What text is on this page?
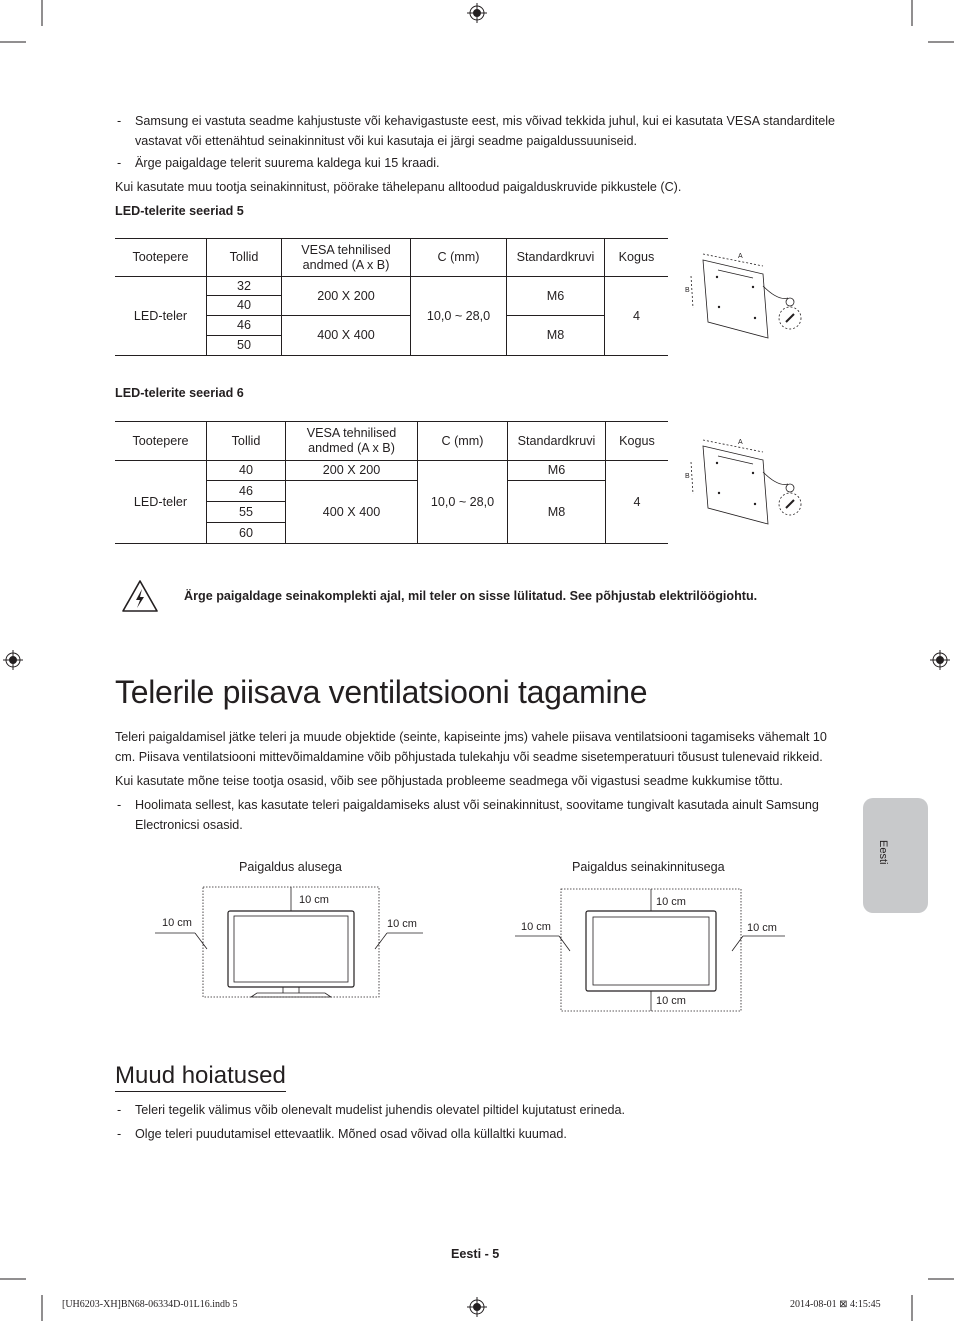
- Samsung ei vastuta seadme kahjustuste või kehavigastuste eest, mis võivad tekkida juhul, kui ei kasutata VESA standarditele vastavat või ettenähtud seinakinnitust või kui kasutaja ei järgi seadme paigaldussuuniseid.
- Ärge paigaldage telerit suurema kaldega kui 15 kraadi.
Kui kasutate muu tootja seinakinnitust, pöörake tähelepanu alltoodud paigalduskruvide pikkustele (C).
LED-telerite seeriad 5
Tootepere	Tollid	VESA tehnilised andmed (A x B)	C (mm)	Standardkruvi	Kogus
LED-teler	32	200 X 200	10,0 ~ 28,0	M6	4
	40				
	46	400 X 400		M8	
	50				
A
B
LED-telerite seeriad 6
Tootepere	Tollid	VESA tehnilised andmed (A x B)	C (mm)	Standardkruvi	Kogus
LED-teler	40	200 X 200	10,0 ~ 28,0	M6	4
	46	400 X 400		M8	
	55				
	60				
A
B
Ärge paigaldage seinakomplekti ajal, mil teler on sisse lülitatud. See põhjustab elektrilöögiohtu.
Telerile piisava ventilatsiooni tagamine
Teleri paigaldamisel jätke teleri ja muude objektide (seinte, kapiseinte jms) vahele piisava ventilatsiooni tagamiseks vähemalt 10 cm. Piisava ventilatsiooni mittevõimaldamine võib põhjustada tulekahju või seadme sisetemperatuuri tõusust tulenevaid rikkeid.
Kui kasutate mõne teise tootja osasid, võib see põhjustada probleeme seadmega või vigastusi seadme kukkumise tõttu.
- Hoolimata sellest, kas kasutate teleri paigaldamiseks alust või seinakinnitust, soovitame tungivalt kasutada ainult Samsung Electronicsi osasid.
Paigaldus alusega	Paigaldus seinakinnitusega
10 cm
10 cm	10 cm
10 cm
10 cm	10 cm
10 cm
Muud hoiatused
- Teleri tegelik välimus võib olenevalt mudelist juhendis olevatel piltidel kujutatust erineda.
- Olge teleri puudutamisel ettevaatlik. Mõned osad võivad olla küllaltki kuumad.
Eesti
Eesti - 5
[UH6203-XH]BN68-06334D-01L16.indb 5	2014-08-01 ⊠ 4:15:45
